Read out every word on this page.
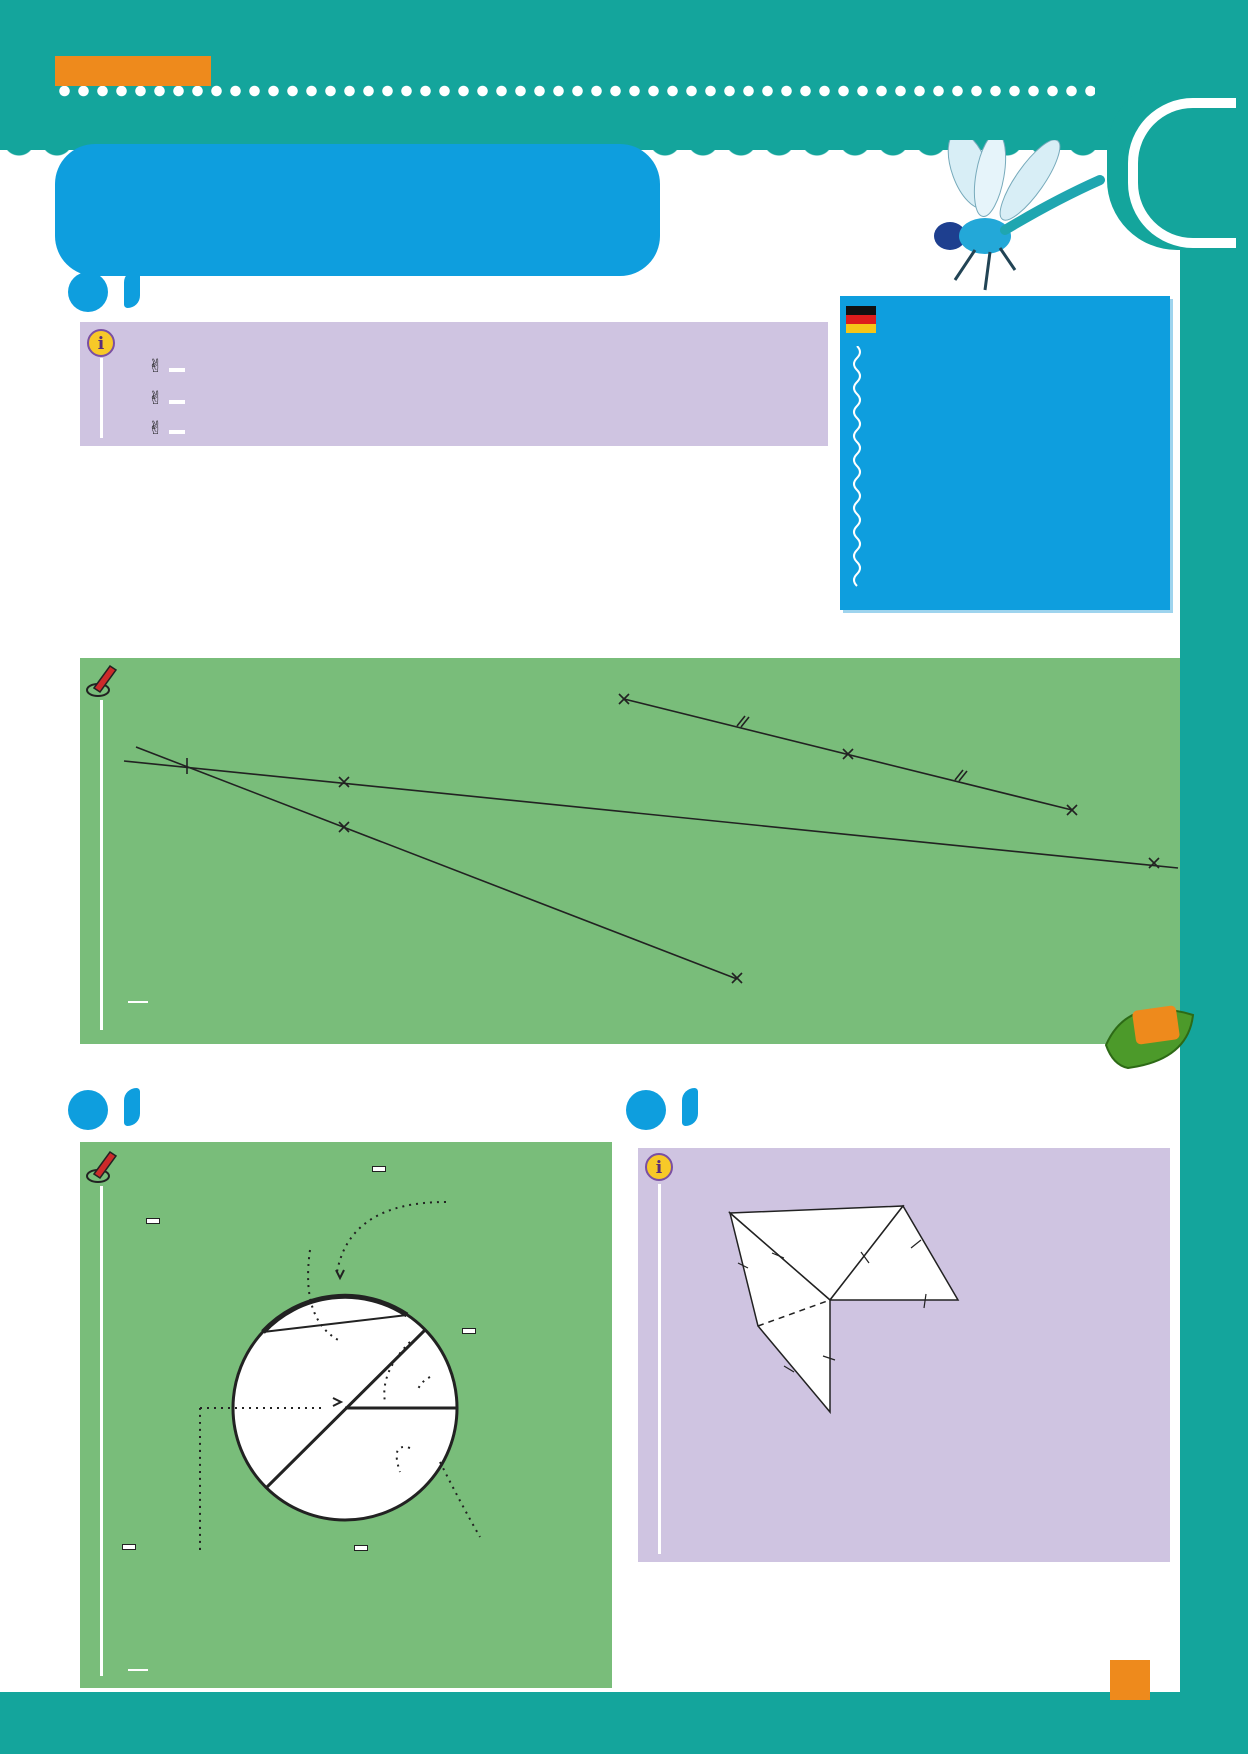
i
✌
✌
✌
i
